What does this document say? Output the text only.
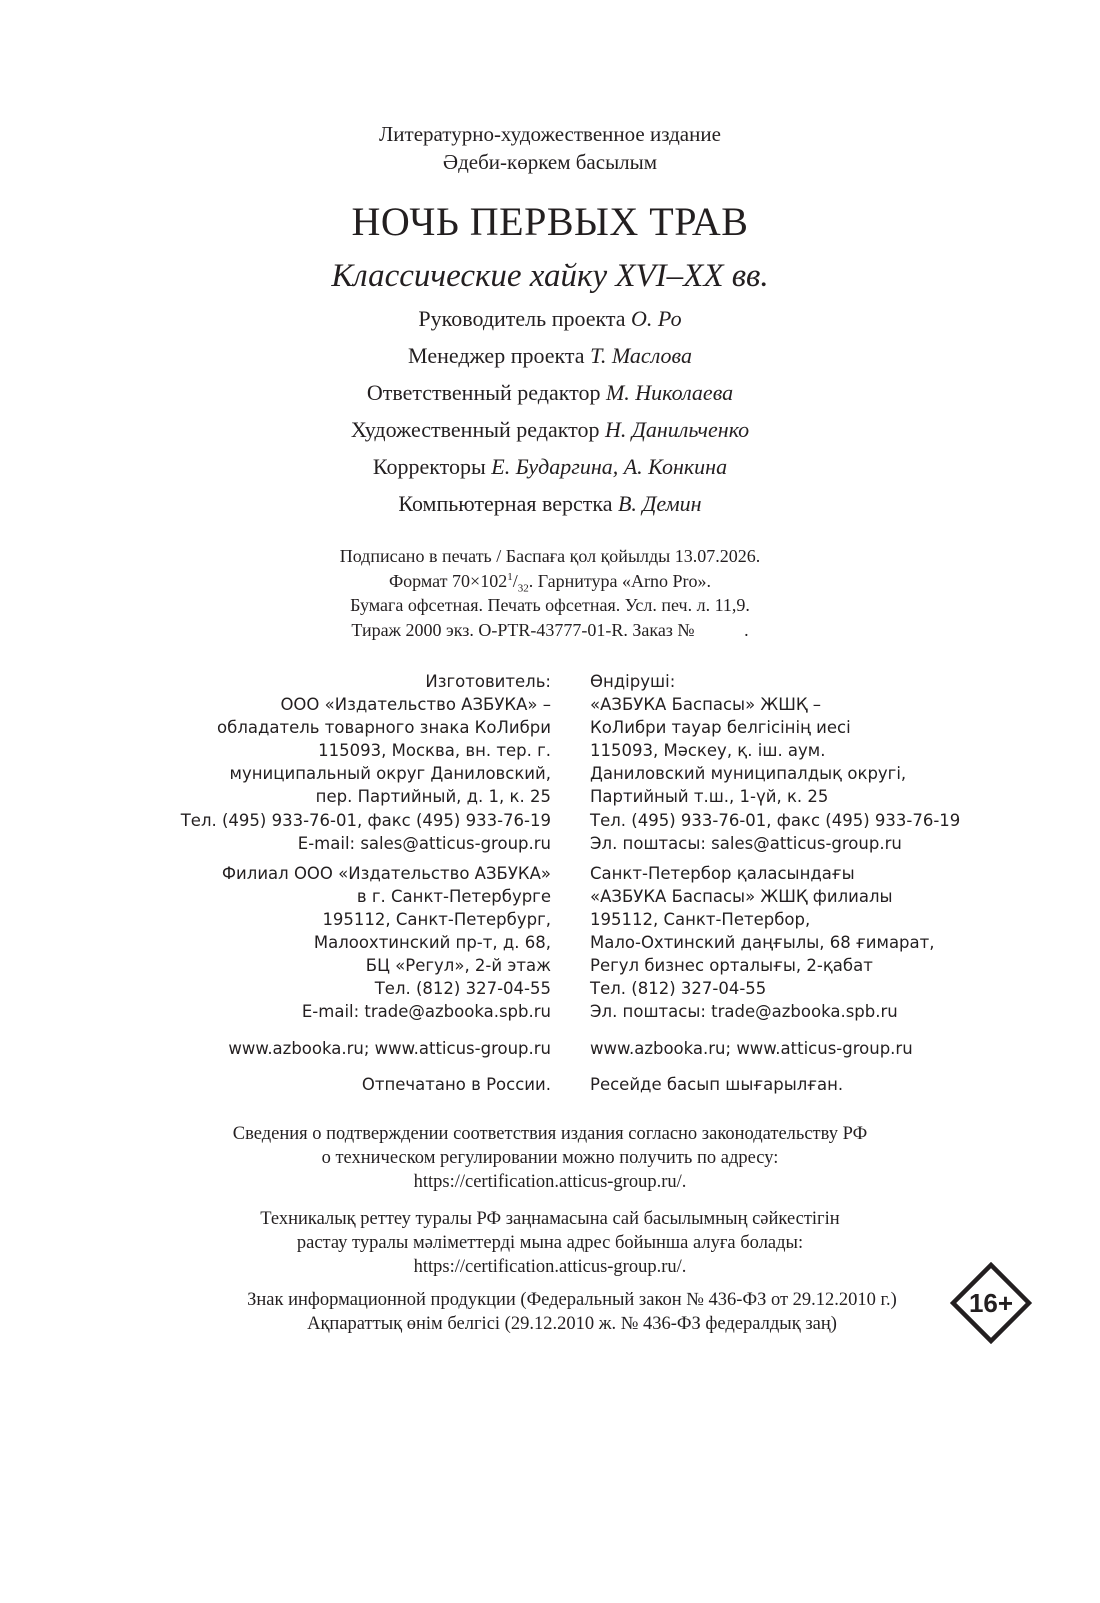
Литературно-художественное издание
Әдеби-көркем басылым
НОЧЬ ПЕРВЫХ ТРАВ
Классические хайку XVI–XX вв.
Руководитель проекта О. Ро
Менеджер проекта Т. Маслова
Ответственный редактор М. Николаева
Художественный редактор Н. Данильченко
Корректоры Е. Бударгина, А. Конкина
Компьютерная верстка В. Демин
Подписано в печать / Баспаға қол қойылды 13.07.2026.
Формат $70\times 102^1/_{32}$. Гарнитура «Arno Pro».
Бумага офсетная. Печать офсетная. Усл. печ. л. 11,9.
Тираж 2000 экз. O-PTR-43777-01-R. Заказ №           .
Изготовитель:
ООО «Издательство АЗБУКА» –
обладатель товарного знака КоЛибри
115093, Москва, вн. тер. г.
муниципальный округ Даниловский,
пер. Партийный, д. 1, к. 25
Тел. (495) 933-76-01, факс (495) 933-76-19
E-mail: sales@atticus-group.ru
Филиал ООО «Издательство АЗБУКА»
в г. Санкт-Петербурге
195112, Санкт-Петербург,
Малоохтинский пр-т, д. 68,
БЦ «Регул», 2-й этаж
Тел. (812) 327-04-55
E-mail: trade@azbooka.spb.ru
www.azbooka.ru; www.atticus-group.ru
Отпечатано в России.
Өндіруші:
«АЗБУКА Баспасы» ЖШҚ –
КоЛибри тауар белгісінің иесі
115093, Мәскеу, қ. іш. аум.
Даниловский муниципалдық округі,
Партийный т.ш., 1-үй, к. 25
Тел. (495) 933-76-01, факс (495) 933-76-19
Эл. поштасы: sales@atticus-group.ru
Санкт-Петербор қаласындағы
«АЗБУКА Баспасы» ЖШҚ филиалы
195112, Санкт-Петербор,
Мало-Охтинский даңғылы, 68 ғимарат,
Регул бизнес орталығы, 2-қабат
Тел. (812) 327-04-55
Эл. поштасы: trade@azbooka.spb.ru
www.azbooka.ru; www.atticus-group.ru
Ресейде басып шығарылған.
Сведения о подтверждении соответствия издания согласно законодательству РФ
о техническом регулировании можно получить по адресу:
https://certification.atticus-group.ru/.
Техникалық реттеу туралы РФ заңнамасына сай басылымның сәйкестігін
растау туралы мәліметтерді мына адрес бойынша алуға болады:
https://certification.atticus-group.ru/.
Знак информационной продукции (Федеральный закон № 436-ФЗ от 29.12.2010 г.)
Ақпараттық өнім белгісі (29.12.2010 ж. № 436-ФЗ федералдық заң)
16+
